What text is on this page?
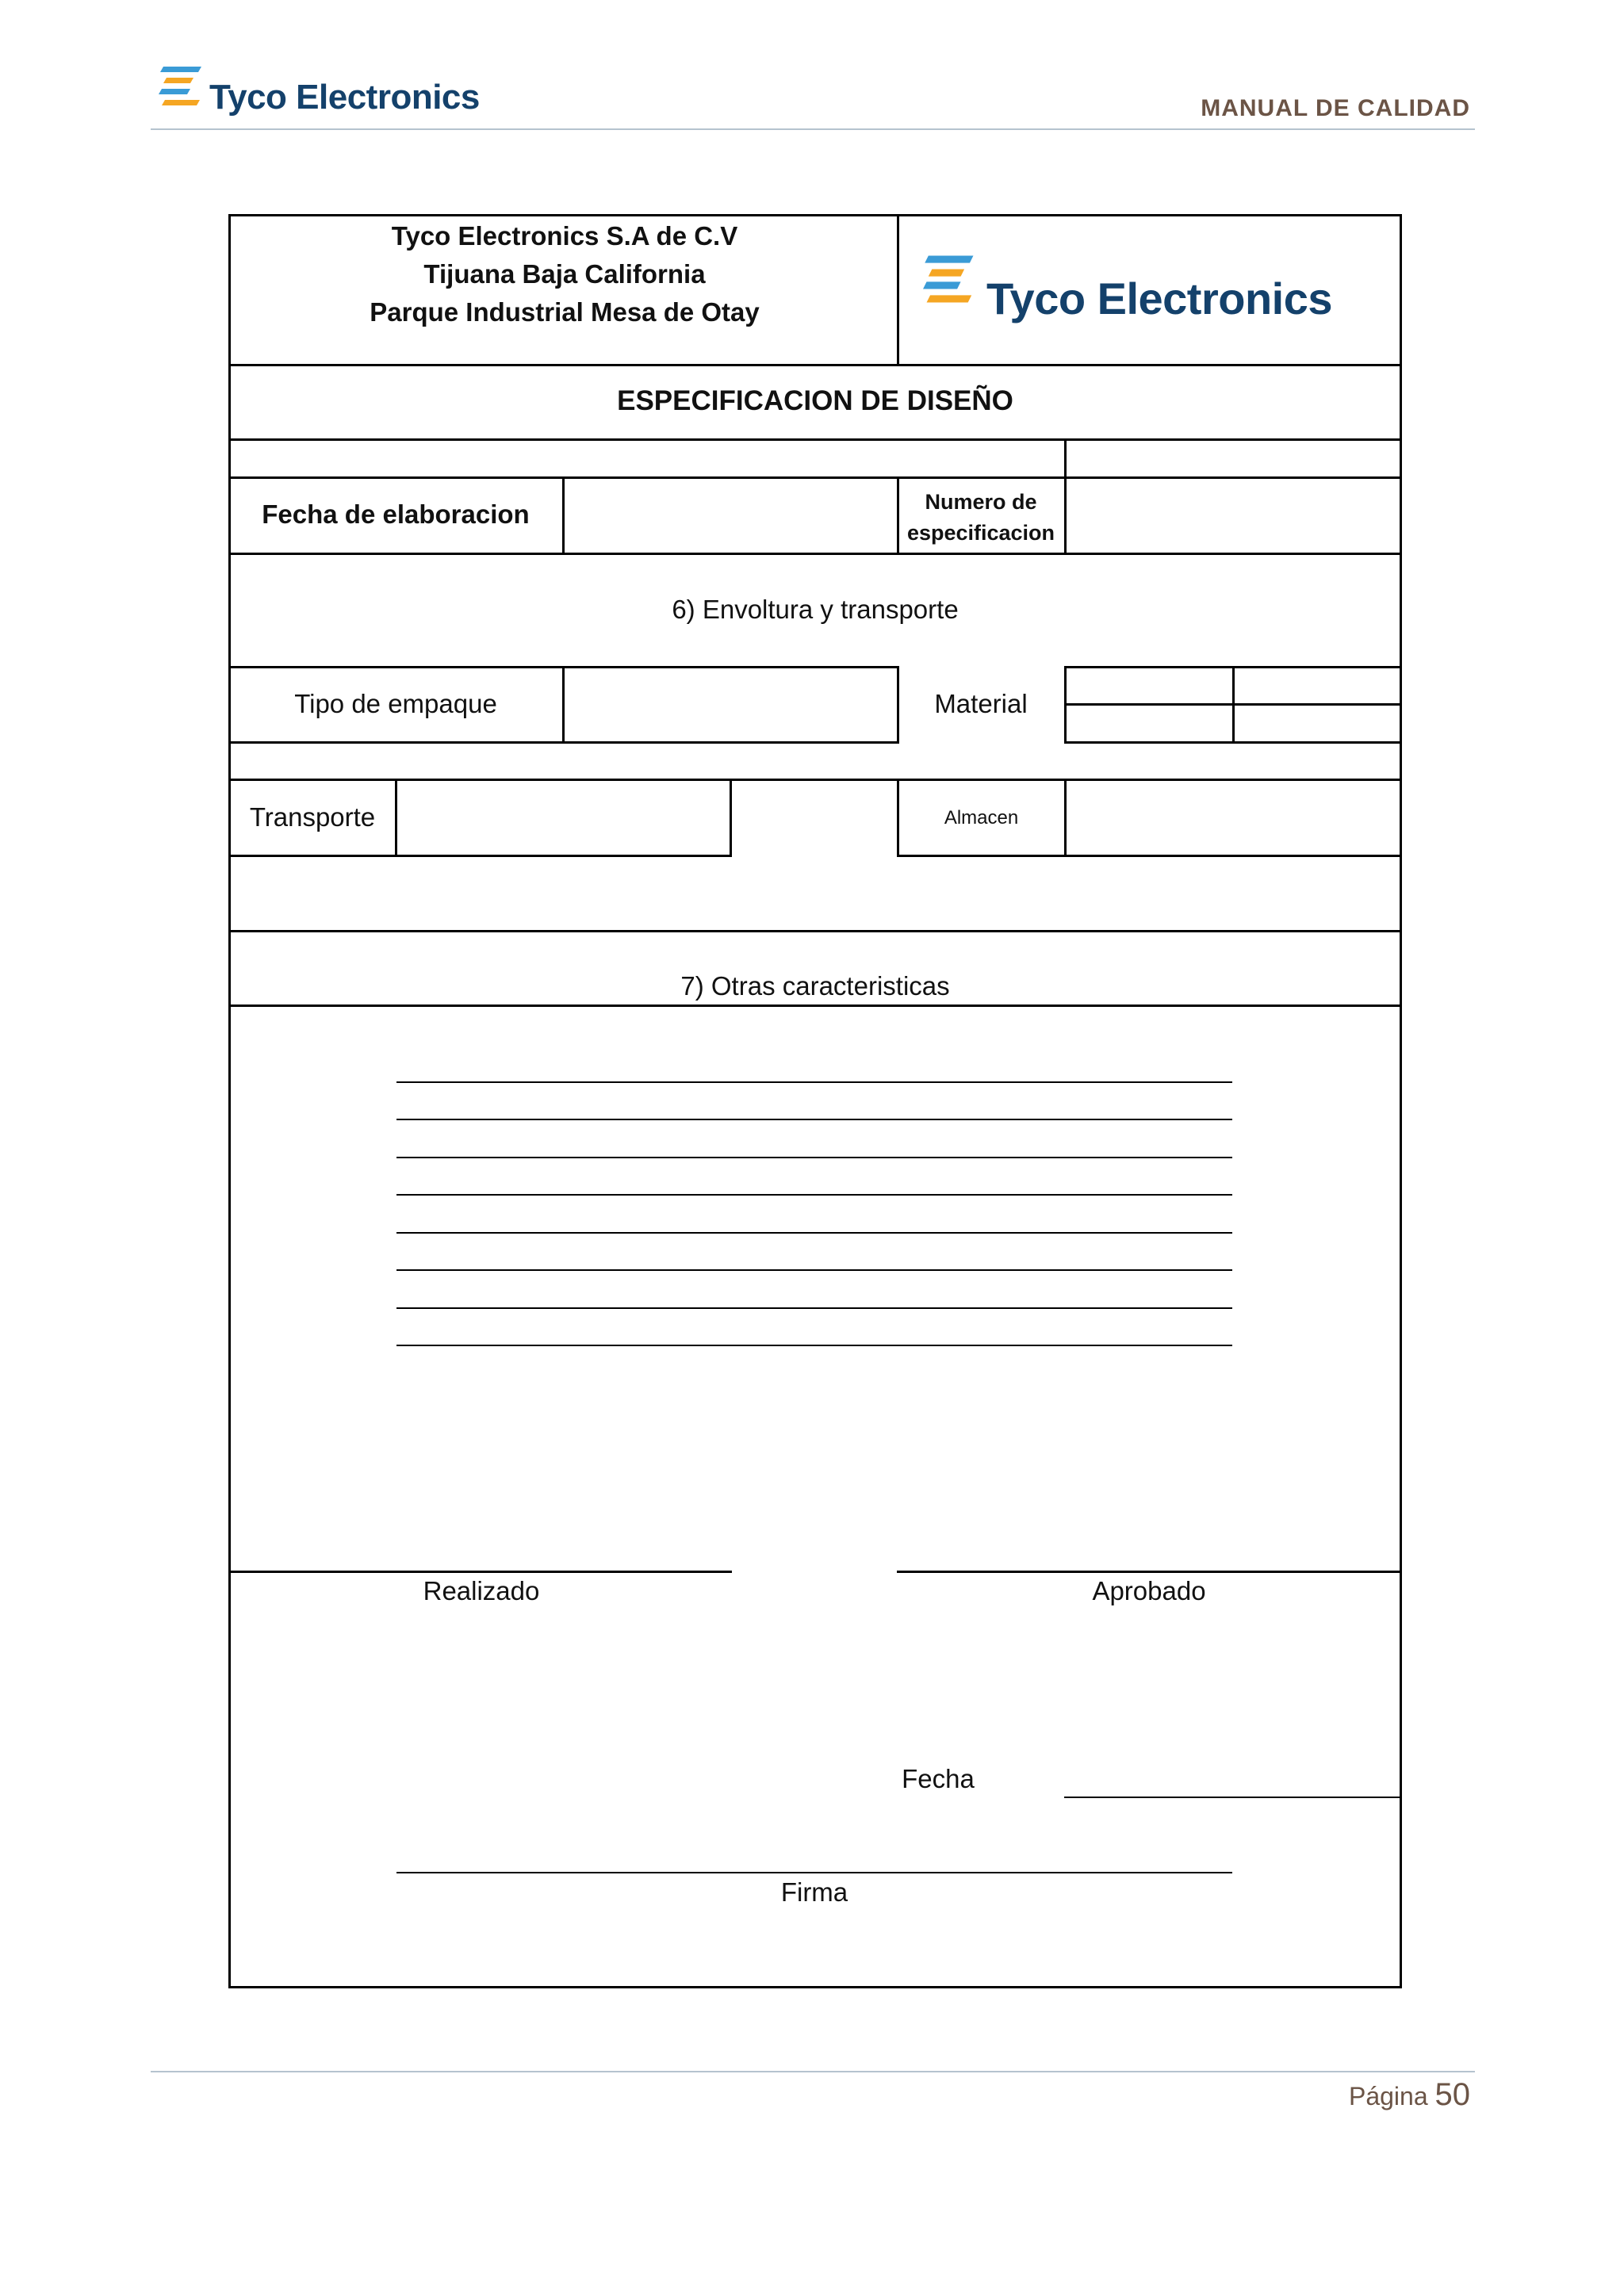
Tyco Electronics	MANUAL DE CALIDAD
Tyco Electronics S.A de C.V
Tijuana Baja California
Parque Industrial Mesa de Otay	Tyco Electronics
ESPECIFICACION DE DISEÑO
Fecha de elaboracion	Numero de
especificacion
6) Envoltura y transporte
Tipo de empaque	Material
Transporte	Almacen
7) Otras caracteristicas
Realizado	Aprobado
Fecha
Firma
Página 50
